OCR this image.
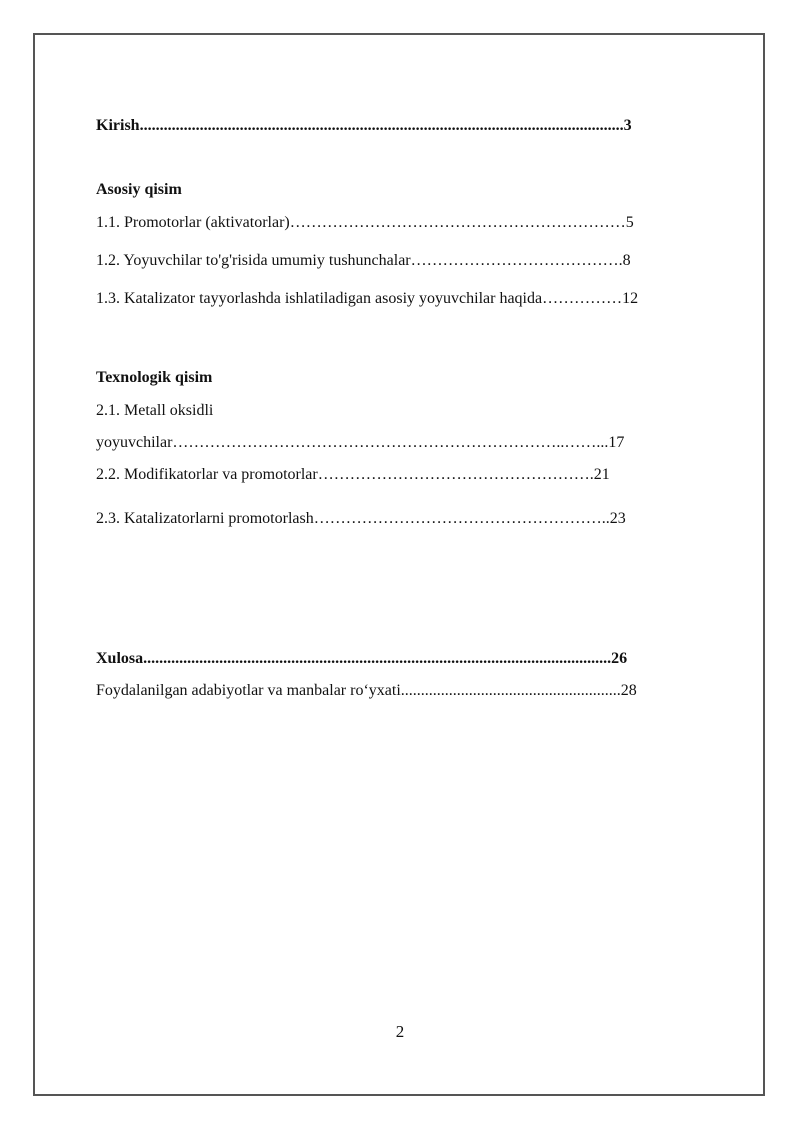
Kirish.........................................................................................................................3

Asosiy qisim

1.1. Promotorlar (aktivatorlar)………………………………………………………5

1.2. Yoyuvchilar to'g'risida umumiy tushunchalar………………………………….8

1.3. Katalizator tayyorlashda ishlatiladigan asosiy yoyuvchilar haqida……………12

Texnologik qisim

2.1. Metall oksidli

yoyuvchilar………………………………………………………………..……...17

2.2. Modifikatorlar va promotorlar…………………………………………….21

2.3. Katalizatorlarni promotorlash………………………………………………..23

Xulosa.....................................................................................................................26

Foydalanilgan adabiyotlar va manbalar ro‘yxati.......................................................28

2
